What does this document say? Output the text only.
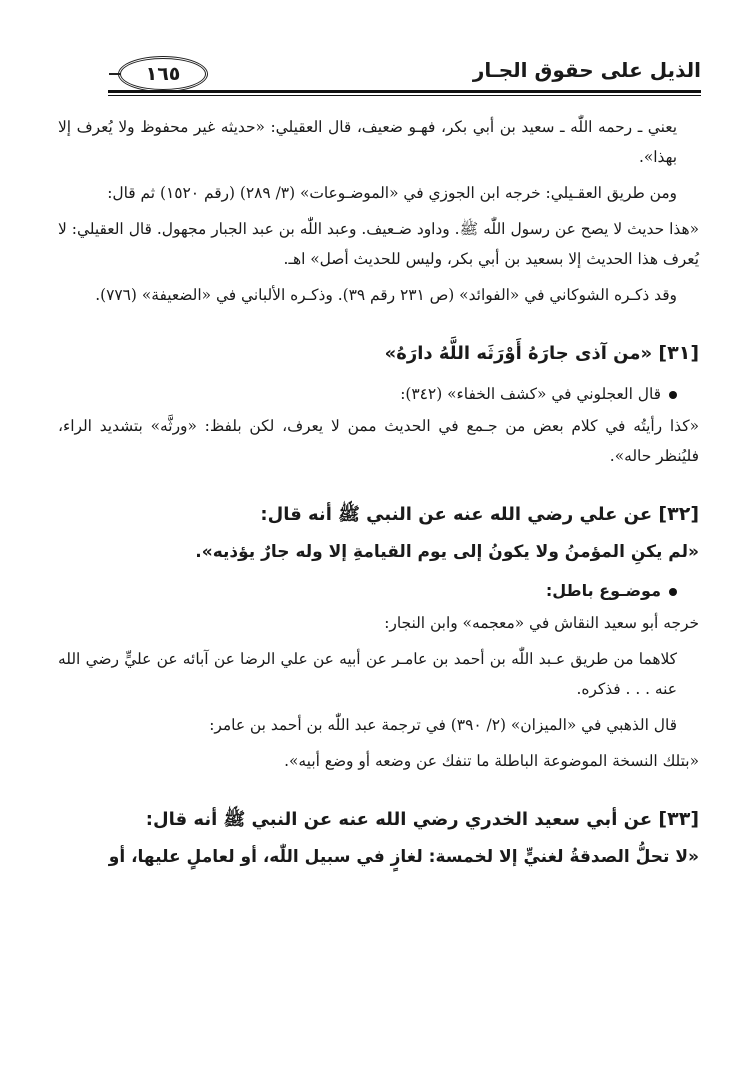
الذيل على حقوق الجـار
١٦٥

يعني ـ رحمه اللّٰه ـ سعيد بن أبي بكر، فهـو ضعيف، قال العقيلي: «حديثه غير محفوظ ولا يُعرف إلا بهذا».

ومن طريق العقـيلي: خرجه ابن الجوزي في «الموضـوعات» (٣/ ٢٨٩) (رقم ١٥٢٠) ثم قال:

«هذا حديث لا يصح عن رسول اللّٰه ﷺ. وداود ضـعيف. وعبد اللّٰه بن عبد الجبار مجهول. قال العقيلي: لا يُعرف هذا الحديث إلا بسعيد بن أبي بكر، وليس للحديث أصل» اهـ.

وقد ذكـره الشوكاني في «الفوائد» (ص ٢٣١ رقم ٣٩). وذكـره الألباني في «الضعيفة» (٧٧٦).

[٣١] «من آذى جارَهُ أَوْرَثَه اللَّهُ دارَهُ»

قال العجلوني في «كشف الخفاء» (٣٤٢):

«كذا رأيتُه في كلام بعض من جـمع في الحديث ممن لا يعرف، لكن بلفظ: «ورثَّه» بتشديد الراء، فليُنظر حاله».

[٣٢] عن علي رضي الله عنه عن النبي ﷺ أنه قال:

«لم يكنِ المؤمنُ ولا يكونُ إلى يوم القيامةِ إلا وله جارٌ يؤذيه».

موضـوع باطل:

خرجه أبو سعيد النقاش في «معجمه» وابن النجار:

كلاهما من طريق عـبد اللّٰه بن أحمد بن عامـر عن أبيه عن علي الرضا عن آبائه عن عليٍّ رضي الله عنه . . . فذكره.

قال الذهبي في «الميزان» (٢/ ٣٩٠) في ترجمة عبد اللّٰه بن أحمد بن عامر:

«بتلك النسخة الموضوعة الباطلة ما تنفك عن وضعه أو وضع أبيه».

[٣٣] عن أبي سعيد الخدري رضي الله عنه عن النبي ﷺ أنه قال:

«لا تحلُّ الصدقةُ لغنيٍّ إلا لخمسة: لغازٍ في سبيل اللّٰه، أو لعاملٍ عليها، أو
